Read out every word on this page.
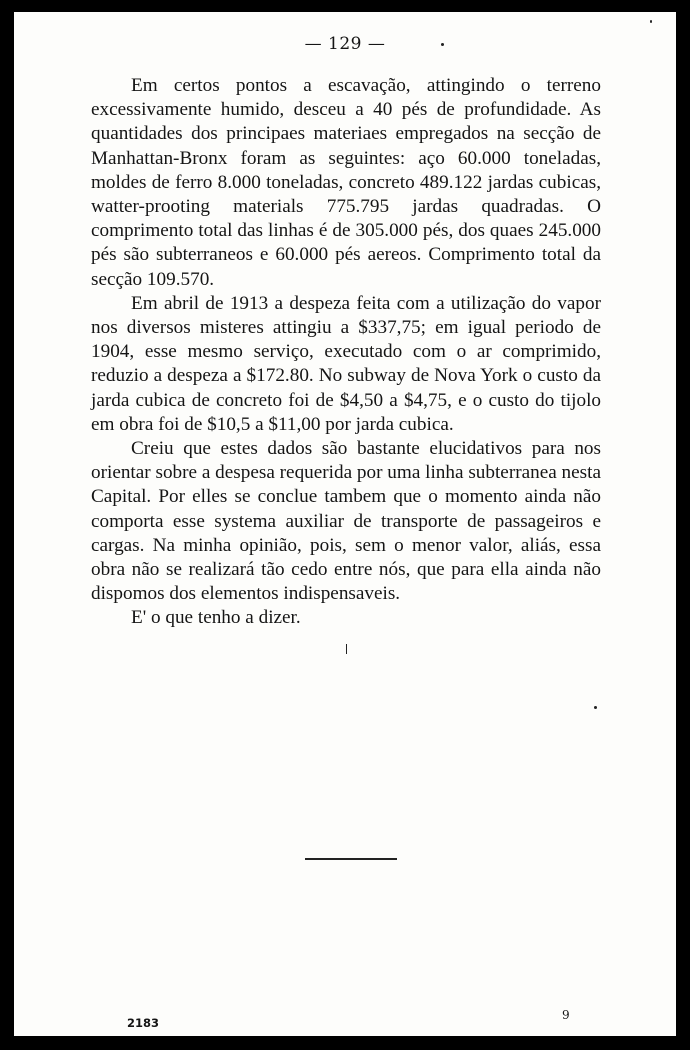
— 129 —

Em certos pontos a escavação, attingindo o terreno excessivamente humido, desceu a 40 pés de profundidade. As quantidades dos principaes materiaes empregados na secção de Manhattan-Bronx foram as seguintes: aço 60.000 toneladas, moldes de ferro 8.000 toneladas, concreto 489.122 jardas cubicas, watter-prooting materials 775.795 jardas quadradas. O comprimento total das linhas é de 305.000 pés, dos quaes 245.000 pés são subterraneos e 60.000 pés aereos. Comprimento total da secção 109.570.

Em abril de 1913 a despeza feita com a utilização do vapor nos diversos misteres attingiu a $337,75; em igual periodo de 1904, esse mesmo serviço, executado com o ar comprimido, reduzio a despeza a $172.80. No subway de Nova York o custo da jarda cubica de concreto foi de $4,50 a $4,75, e o custo do tijolo em obra foi de $10,5 a $11,00 por jarda cubica.

Creiu que estes dados são bastante elucidativos para nos orientar sobre a despesa requerida por uma linha subterranea nesta Capital. Por elles se conclue tambem que o momento ainda não comporta esse systema auxiliar de transporte de passageiros e cargas. Na minha opinião, pois, sem o menor valor, aliás, essa obra não se realizará tão cedo entre nós, que para ella ainda não dispomos dos elementos indispensaveis.

E' o que tenho a dizer.

2183
9
